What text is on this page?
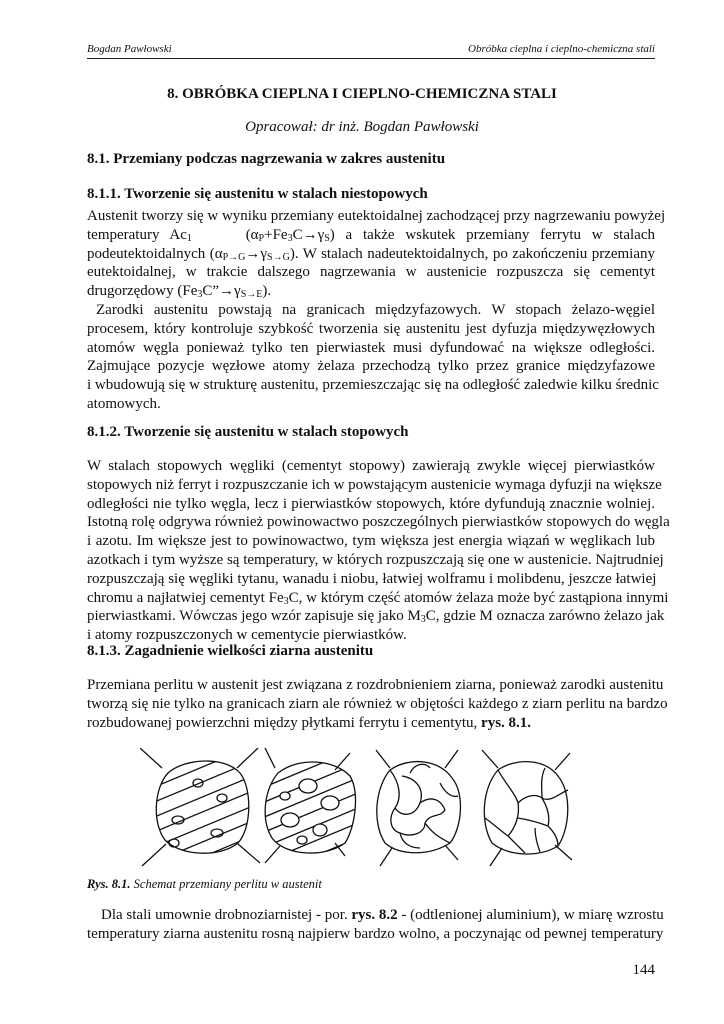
Bogdan Pawłowski	Obróbka cieplna i cieplno-chemiczna stali
8. OBRÓBKA CIEPLNA I CIEPLNO-CHEMICZNA STALI
Opracował: dr inż. Bogdan Pawłowski
8.1. Przemiany podczas nagrzewania w zakres austenitu
8.1.1. Tworzenie się austenitu w stalach niestopowych
Austenit tworzy się w wyniku przemiany eutektoidalnej zachodzącej przy nagrzewaniu powyżej
temperatury $Ac_1$     $(\alpha_P+Fe_3C\to\gamma_S)$ a także wskutek przemiany ferrytu w stalach
podeutektoidalnych $(\alpha_{P\to G}\to\gamma_{S\to G})$. W stalach nadeutektoidalnych, po zakończeniu przemiany
eutektoidalnej, w trakcie dalszego nagrzewania w austenicie rozpuszcza się cementyt
drugorzędowy $(Fe_3C”\to\gamma_{S\to E})$.
Zarodki austenitu powstają na granicach międzyfazowych. W stopach żelazo-węgiel
procesem, który kontroluje szybkość tworzenia się austenitu jest dyfuzja międzywęzłowych
atomów węgla ponieważ tylko ten pierwiastek musi dyfundować na większe odległości.
Zajmujące pozycje węzłowe atomy żelaza przechodzą tylko przez granice międzyfazowe
i wbudowują się w strukturę austenitu, przemieszczając się na odległość zaledwie kilku średnic
atomowych.
8.1.2. Tworzenie się austenitu w stalach stopowych
W stalach stopowych węgliki (cementyt stopowy) zawierają zwykle więcej pierwiastków
stopowych niż ferryt i rozpuszczanie ich w powstającym austenicie wymaga dyfuzji na większe
odległości nie tylko węgla, lecz i pierwiastków stopowych, które dyfundują znacznie wolniej.
Istotną rolę odgrywa również powinowactwo poszczególnych pierwiastków stopowych do węgla
i azotu. Im większe jest to powinowactwo, tym większa jest energia wiązań w węglikach lub
azotkach i tym wyższe są temperatury, w których rozpuszczają się one w austenicie. Najtrudniej
rozpuszczają się węgliki tytanu, wanadu i niobu, łatwiej wolframu i molibdenu, jeszcze łatwiej
chromu a najłatwiej cementyt $Fe_3C$, w którym część atomów żelaza może być zastąpiona innymi
pierwiastkami. Wówczas jego wzór zapisuje się jako $M_3C$, gdzie M oznacza zarówno żelazo jak
i atomy rozpuszczonych w cementycie pierwiastków.
8.1.3. Zagadnienie wielkości ziarna austenitu
Przemiana perlitu w austenit jest związana z rozdrobnieniem ziarna, ponieważ zarodki austenitu
tworzą się nie tylko na granicach ziarn ale również w objętości każdego z ziarn perlitu na bardzo
rozbudowanej powierzchni między płytkami ferrytu i cementytu, rys. 8.1.
Rys. 8.1. Schemat przemiany perlitu w austenit
Dla stali umownie drobnoziarnistej - por. rys. 8.2 - (odtlenionej aluminium), w miarę wzrostu
temperatury ziarna austenitu rosną najpierw bardzo wolno, a poczynając od pewnej temperatury
144
